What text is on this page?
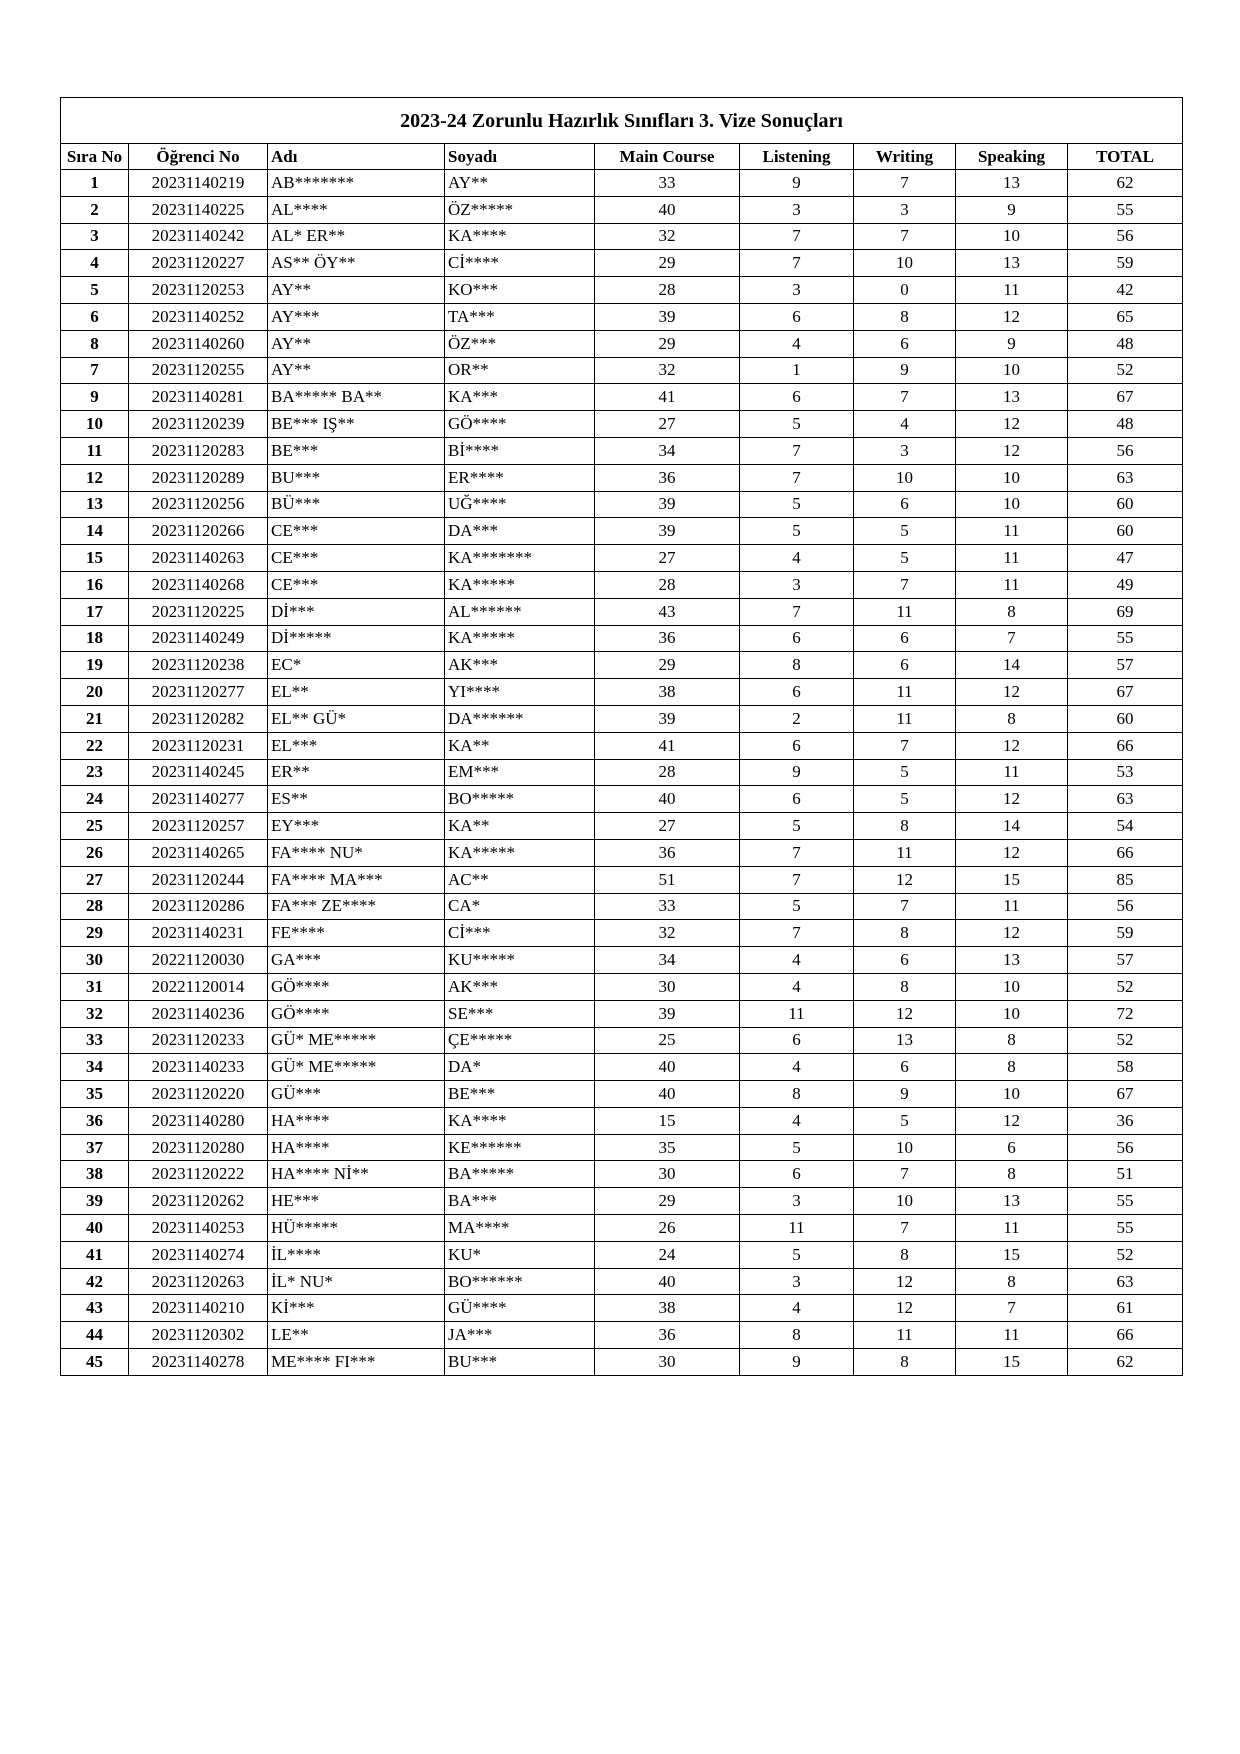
2023-24 Zorunlu Hazırlık Sınıfları 3. Vize Sonuçları								
Sıra No	Öğrenci No	Adı	Soyadı	Main Course	Listening	Writing	Speaking	TOTAL
1	20231140219	AB*******	AY**	33	9	7	13	62
2	20231140225	AL****	ÖZ*****	40	3	3	9	55
3	20231140242	AL* ER**	KA****	32	7	7	10	56
4	20231120227	AS** ÖY**	Cİ****	29	7	10	13	59
5	20231120253	AY**	KO***	28	3	0	11	42
6	20231140252	AY***	TA***	39	6	8	12	65
8	20231140260	AY**	ÖZ***	29	4	6	9	48
7	20231120255	AY**	OR**	32	1	9	10	52
9	20231140281	BA***** BA**	KA***	41	6	7	13	67
10	20231120239	BE*** IŞ**	GÖ****	27	5	4	12	48
11	20231120283	BE***	Bİ****	34	7	3	12	56
12	20231120289	BU***	ER****	36	7	10	10	63
13	20231120256	BÜ***	UĞ****	39	5	6	10	60
14	20231120266	CE***	DA***	39	5	5	11	60
15	20231140263	CE***	KA*******	27	4	5	11	47
16	20231140268	CE***	KA*****	28	3	7	11	49
17	20231120225	Dİ***	AL******	43	7	11	8	69
18	20231140249	Dİ*****	KA*****	36	6	6	7	55
19	20231120238	EC*	AK***	29	8	6	14	57
20	20231120277	EL**	YI****	38	6	11	12	67
21	20231120282	EL** GÜ*	DA******	39	2	11	8	60
22	20231120231	EL***	KA**	41	6	7	12	66
23	20231140245	ER**	EM***	28	9	5	11	53
24	20231140277	ES**	BO*****	40	6	5	12	63
25	20231120257	EY***	KA**	27	5	8	14	54
26	20231140265	FA**** NU*	KA*****	36	7	11	12	66
27	20231120244	FA**** MA***	AC**	51	7	12	15	85
28	20231120286	FA*** ZE****	CA*	33	5	7	11	56
29	20231140231	FE****	Cİ***	32	7	8	12	59
30	20221120030	GA***	KU*****	34	4	6	13	57
31	20221120014	GÖ****	AK***	30	4	8	10	52
32	20231140236	GÖ****	SE***	39	11	12	10	72
33	20231120233	GÜ* ME*****	ÇE*****	25	6	13	8	52
34	20231140233	GÜ* ME*****	DA*	40	4	6	8	58
35	20231120220	GÜ***	BE***	40	8	9	10	67
36	20231140280	HA****	KA****	15	4	5	12	36
37	20231120280	HA****	KE******	35	5	10	6	56
38	20231120222	HA**** Nİ**	BA*****	30	6	7	8	51
39	20231120262	HE***	BA***	29	3	10	13	55
40	20231140253	HÜ*****	MA****	26	11	7	11	55
41	20231140274	İL****	KU*	24	5	8	15	52
42	20231120263	İL* NU*	BO******	40	3	12	8	63
43	20231140210	Kİ***	GÜ****	38	4	12	7	61
44	20231120302	LE**	JA***	36	8	11	11	66
45	20231140278	ME**** FI***	BU***	30	9	8	15	62
